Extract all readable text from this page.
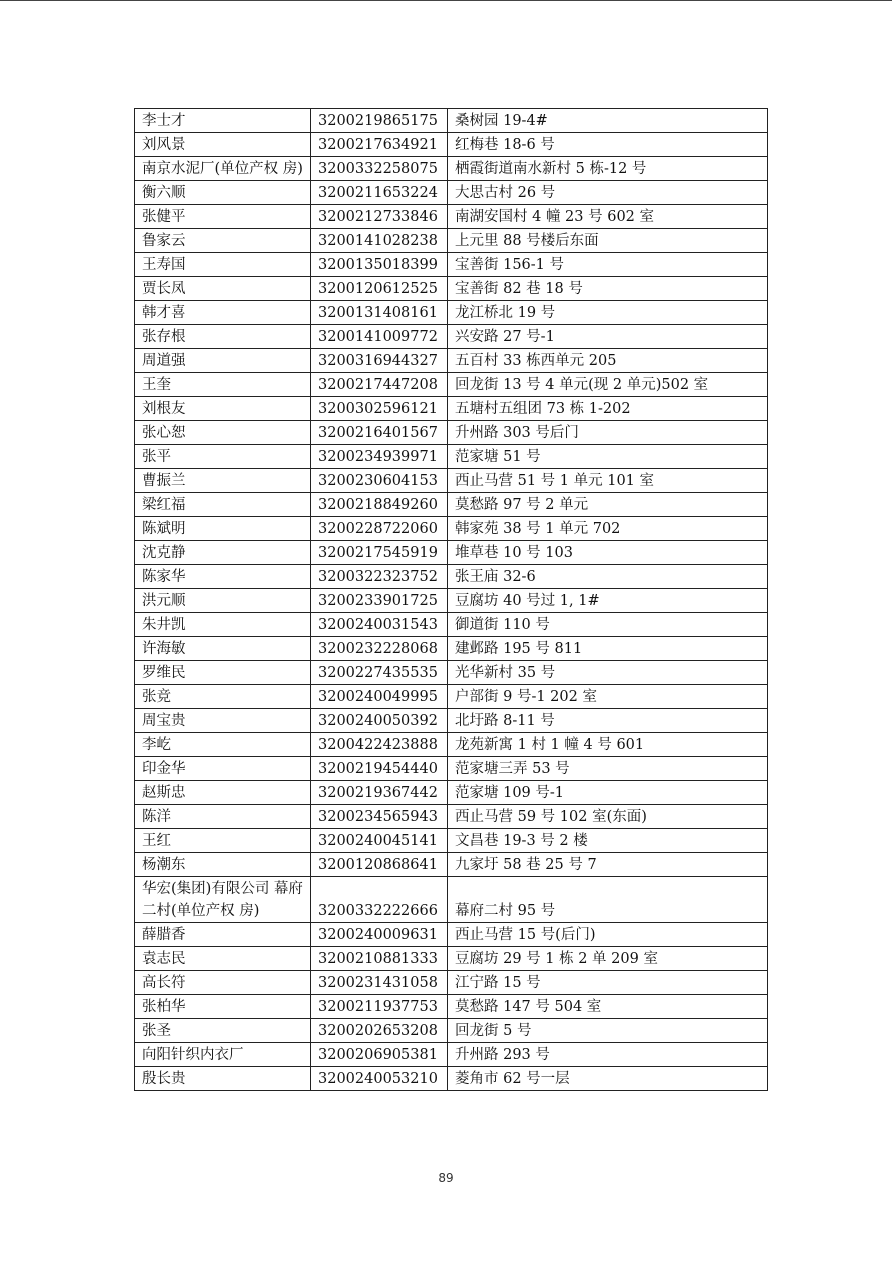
李士才	3200219865175	桑树园 19-4#
刘风景	3200217634921	红梅巷 18-6 号
南京水泥厂(单位产权 房)	3200332258075	栖霞街道南水新村 5 栋-12 号
衡六顺	3200211653224	大思古村 26 号
张健平	3200212733846	南湖安国村 4 幢 23 号 602 室
鲁家云	3200141028238	上元里 88 号楼后东面
王寿国	3200135018399	宝善街 156-1 号
贾长凤	3200120612525	宝善街 82 巷 18 号
韩才喜	3200131408161	龙江桥北 19 号
张存根	3200141009772	兴安路 27 号-1
周道强	3200316944327	五百村 33 栋西单元 205
王奎	3200217447208	回龙街 13 号 4 单元(现 2 单元)502 室
刘根友	3200302596121	五塘村五组团 73 栋 1-202
张心恕	3200216401567	升州路 303 号后门
张平	3200234939971	范家塘 51 号
曹振兰	3200230604153	西止马营 51 号 1 单元 101 室
梁红福	3200218849260	莫愁路 97 号 2 单元
陈斌明	3200228722060	韩家苑 38 号 1 单元 702
沈克静	3200217545919	堆草巷 10 号 103
陈家华	3200322323752	张王庙 32-6
洪元顺	3200233901725	豆腐坊 40 号过 1, 1#
朱井凯	3200240031543	御道街 110 号
许海敏	3200232228068	建邺路 195 号 811
罗维民	3200227435535	光华新村 35 号
张竞	3200240049995	户部街 9 号-1 202 室
周宝贵	3200240050392	北圩路 8-11 号
李屹	3200422423888	龙苑新寓 1 村 1 幢 4 号 601
印金华	3200219454440	范家塘三弄 53 号
赵斯忠	3200219367442	范家塘 109 号-1
陈洋	3200234565943	西止马营 59 号 102 室(东面)
王红	3200240045141	文昌巷 19-3 号 2 楼
杨潮东	3200120868641	九家圩 58 巷 25 号 7
华宏(集团)有限公司 幕府二村(单位产权 房)	3200332222666	幕府二村 95 号
薛腊香	3200240009631	西止马营 15 号(后门)
袁志民	3200210881333	豆腐坊 29 号 1 栋 2 单 209 室
高长符	3200231431058	江宁路 15 号
张柏华	3200211937753	莫愁路 147 号 504 室
张圣	3200202653208	回龙街 5 号
向阳针织内衣厂	3200206905381	升州路 293 号
殷长贵	3200240053210	菱角市 62 号一层
89
